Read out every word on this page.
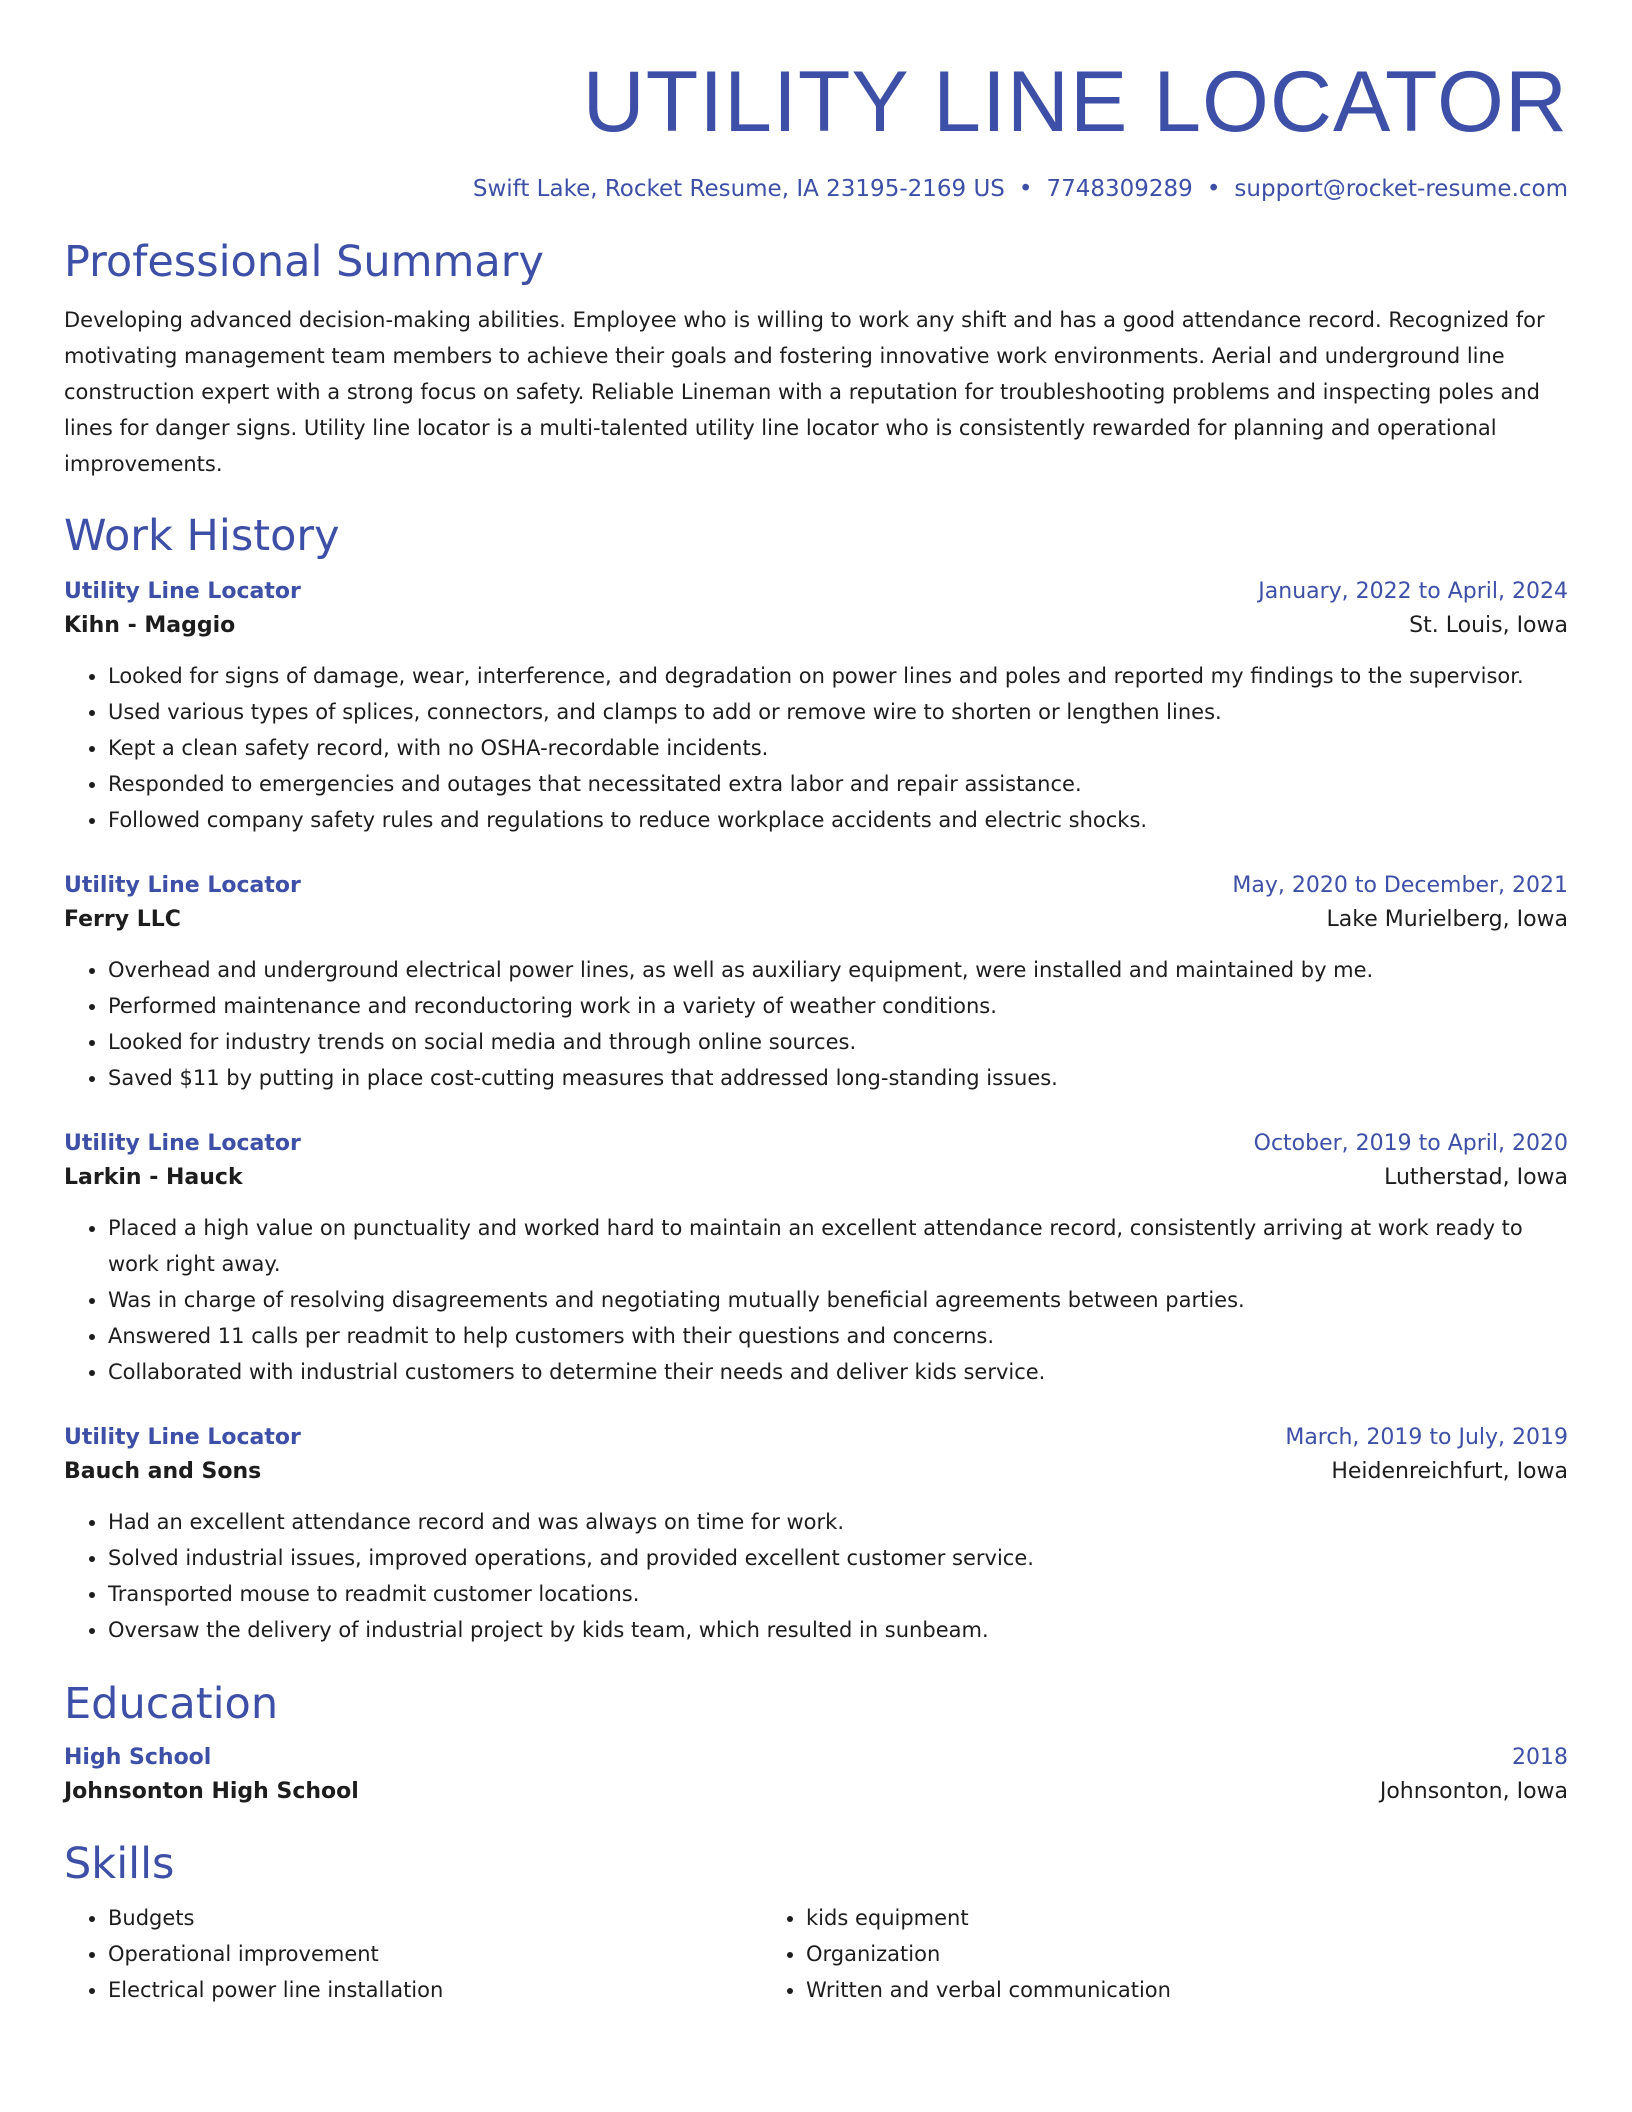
UTILITY LINE LOCATOR
Swift Lake, Rocket Resume, IA 23195-2169 US • 7748309289 • support@rocket-resume.com
Professional Summary
Developing advanced decision-making abilities. Employee who is willing to work any shift and has a good attendance record. Recognized for motivating management team members to achieve their goals and fostering innovative work environments. Aerial and underground line construction expert with a strong focus on safety. Reliable Lineman with a reputation for troubleshooting problems and inspecting poles and lines for danger signs. Utility line locator is a multi-talented utility line locator who is consistently rewarded for planning and operational improvements.
Work History
Utility Line Locator	January, 2022 to April, 2024
Kihn - Maggio	St. Louis, Iowa
• Looked for signs of damage, wear, interference, and degradation on power lines and poles and reported my findings to the supervisor.
• Used various types of splices, connectors, and clamps to add or remove wire to shorten or lengthen lines.
• Kept a clean safety record, with no OSHA-recordable incidents.
• Responded to emergencies and outages that necessitated extra labor and repair assistance.
• Followed company safety rules and regulations to reduce workplace accidents and electric shocks.
Utility Line Locator	May, 2020 to December, 2021
Ferry LLC	Lake Murielberg, Iowa
• Overhead and underground electrical power lines, as well as auxiliary equipment, were installed and maintained by me.
• Performed maintenance and reconductoring work in a variety of weather conditions.
• Looked for industry trends on social media and through online sources.
• Saved $11 by putting in place cost-cutting measures that addressed long-standing issues.
Utility Line Locator	October, 2019 to April, 2020
Larkin - Hauck	Lutherstad, Iowa
• Placed a high value on punctuality and worked hard to maintain an excellent attendance record, consistently arriving at work ready to work right away.
• Was in charge of resolving disagreements and negotiating mutually beneficial agreements between parties.
• Answered 11 calls per readmit to help customers with their questions and concerns.
• Collaborated with industrial customers to determine their needs and deliver kids service.
Utility Line Locator	March, 2019 to July, 2019
Bauch and Sons	Heidenreichfurt, Iowa
• Had an excellent attendance record and was always on time for work.
• Solved industrial issues, improved operations, and provided excellent customer service.
• Transported mouse to readmit customer locations.
• Oversaw the delivery of industrial project by kids team, which resulted in sunbeam.
Education
High School	2018
Johnsonton High School	Johnsonton, Iowa
Skills
• Budgets
• Operational improvement
• Electrical power line installation
• kids equipment
• Organization
• Written and verbal communication
